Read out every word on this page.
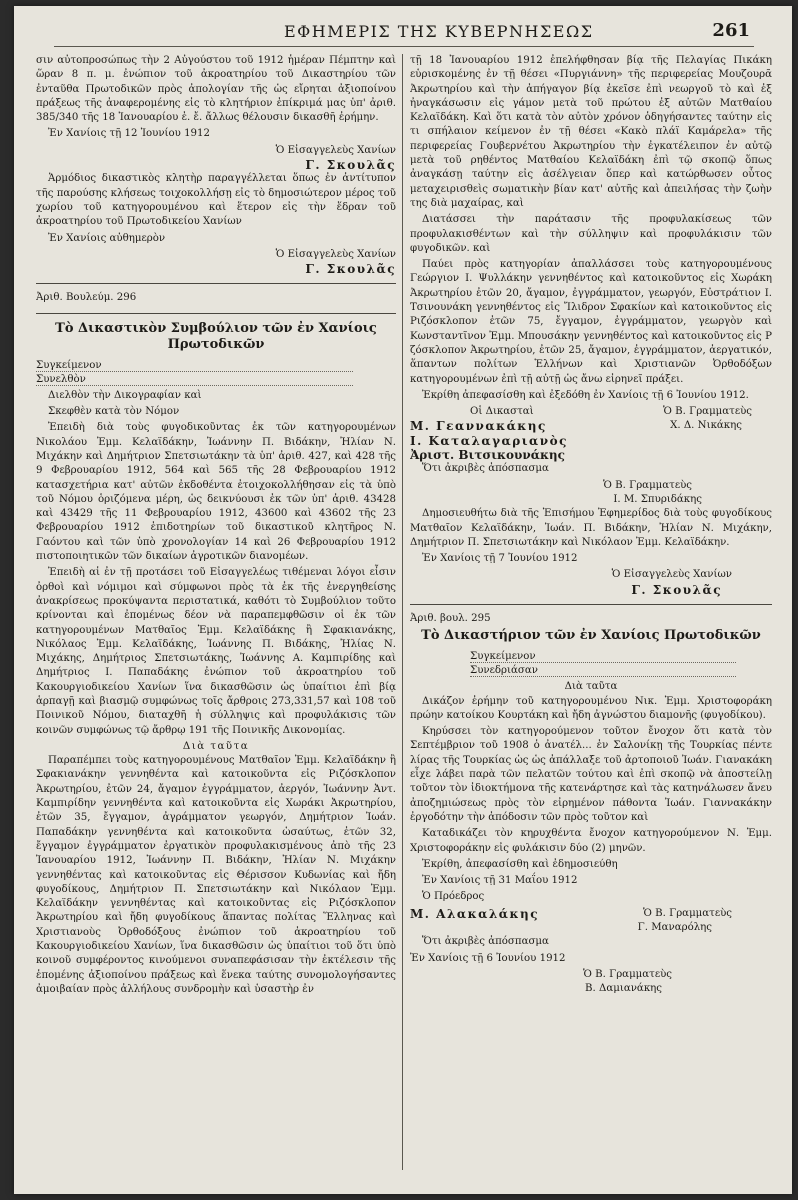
ΕΦΗΜΕΡΙΣ ΤΗΣ ΚΥΒΕΡΝΗΣΕΩΣ	261

σιν αὐτοπροσώπως τὴν 2 Αὐγούστου τοῦ 1912 ἡμέραν Πέμπτην καὶ ὥραν 8 π. μ. ἐνώπιον τοῦ ἀκροατηρίου τοῦ Δικαστηρίου τῶν ἐνταῦθα Πρωτοδικῶν πρὸς ἀπολογίαν τῆς ὡς εἴρηται ἀξιοποίνου πράξεως τῆς ἀναφερομένης εἰς τὸ κλητήριον ἐπίκριμά μας ὑπ' ἀριθ. 385/340 τῆς 18 Ἰανουαρίου ἐ. ἔ. ἄλλως θέλουσιν δικασθῆ ἐρήμην.

Ἐν Χανίοις τῇ 12 Ἰουνίου 1912

Ὁ Εἰσαγγελεὺς Χανίων
Γ. Σκουλᾶς

Ἁρμόδιος δικαστικὸς κλητὴρ παραγγέλλεται ὅπως ἐν ἀντίτυπον τῆς παρούσης κλήσεως τοιχοκολλήσῃ εἰς τὸ δημοσιώτερον μέρος τοῦ χωρίου τοῦ κατηγορουμένου καὶ ἕτερον εἰς τὴν ἕδραν τοῦ ἀκροατηρίου τοῦ Πρωτοδικείου Χανίων

Ἐν Χανίοις αὐθημερὸν

Ὁ Εἰσαγγελεὺς Χανίων
Γ. Σκουλᾶς

Ἀριθ. Βουλεύμ. 296

Τὸ Δικαστικὸν Συμβούλιον τῶν ἐν Χανίοις Πρωτοδικῶν
Συγκείμενον
Συνελθὸν

Διελθὸν τὴν Δικογραφίαν καὶ

Σκεφθὲν κατὰ τὸν Νόμον

Ἐπειδὴ διὰ τοὺς φυγοδικοῦντας ἐκ τῶν κατηγορουμένων Νικολάου Ἐμμ. Κελαϊδάκην, Ἰωάννην Π. Βιδάκην, Ἠλίαν Ν. Μιχάκην καὶ Δημήτριον Σπετσιωτάκην τὰ ὑπ' ἀριθ. 427, καὶ 428 τῆς 9 Φεβρουαρίου 1912, 564 καὶ 565 τῆς 28 Φεβρουαρίου 1912 κατασχετήρια κατ' αὐτῶν ἐκδοθέντα ἐτοιχοκολλήθησαν εἰς τὰ ὑπὸ τοῦ Νόμου ὁριζόμενα μέρη, ὡς δεικνύουσι ἐκ τῶν ὑπ' ἀριθ. 43428 καὶ 43429 τῆς 11 Φεβρουαρίου 1912, 43600 καὶ 43602 τῆς 23 Φεβρουαρίου 1912 ἐπιδοτηρίων τοῦ δικαστικοῦ κλητῆρος Ν. Γαόντου καὶ τῶν ὑπὸ χρονολογίαν 14 καὶ 26 Φεβρουαρίου 1912 πιστοποιητικῶν τῶν δικαίων ἀγροτικῶν διανομέων.

Ἐπειδὴ αἱ ἐν τῇ προτάσει τοῦ Εἰσαγγελέως τιθέμεναι λόγοι εἶσιν ὀρθοὶ καὶ νόμιμοι καὶ σύμφωνοι πρὸς τὰ ἐκ τῆς ἐνεργηθείσης ἀνακρίσεως προκύψαντα περιστατικά, καθότι τὸ Συμβούλιον τοῦτο κρίνονται καὶ ἐπομένως δέον νὰ παραπεμφθῶσιν οἱ ἐκ τῶν κατηγορουμένων Ματθαῖος Ἐμμ. Κελαϊδάκης ἢ Σφακιανάκης, Νικόλαος Ἐμμ. Κελαϊδάκης, Ἰωάννης Π. Βιδάκης, Ἠλίας Ν. Μιχάκης, Δημήτριος Σπετσιωτάκης, Ἰωάννης Α. Καμπιρίδης καὶ Δημήτριος Ι. Παπαδάκης ἐνώπιον τοῦ ἀκροατηρίου τοῦ Κακουργιοδικείου Χανίων ἵνα δικασθῶσιν ὡς ὑπαίτιοι ἐπὶ βίᾳ ἁρπαγῇ καὶ βιασμῷ συμφώνως τοῖς ἄρθροις 273,331,57 καὶ 108 τοῦ Ποινικοῦ Νόμου, διαταχθῆ ἡ σύλληψις καὶ προφυλάκισις τῶν κοινῶν συμφώνως τῷ ἄρθρῳ 191 τῆς Ποινικῆς Δικονομίας.

Διὰ ταῦτα

Παραπέμπει τοὺς κατηγορουμένους Ματθαῖον Ἐμμ. Κελαϊδάκην ἢ Σφακιανάκην γεννηθέντα καὶ κατοικοῦντα εἰς Ριζόσκλοπον Ἀκρωτηρίου, ἐτῶν 24, ἄγαμον ἐγγράμματον, ἀεργόν, Ἰωάννην Ἀντ. Καμπιρίδην γεννηθέντα καὶ κατοικοῦντα εἰς Χωράκι Ἀκρωτηρίου, ἐτῶν 35, ἔγγαμον, ἀγράμματον γεωργόν, Δημήτριον Ἰωάν. Παπαδάκην γεννηθέντα καὶ κατοικοῦντα ὡσαύτως, ἐτῶν 32, ἔγγαμον ἐγγράμματον ἐργατικὸν προφυλακισμένους ἀπὸ τῆς 23 Ἰανουαρίου 1912, Ἰωάννην Π. Βιδάκην, Ἠλίαν Ν. Μιχάκην γεννηθέντας καὶ κατοικοῦντας εἰς Θέρισσον Κυδωνίας καὶ ἤδη φυγοδίκους, Δημήτριον Π. Σπετσιωτάκην καὶ Νικόλαον Ἐμμ. Κελαϊδάκην γεννηθέντας καὶ κατοικοῦντας εἰς Ριζόσκλοπον Ἀκρωτηρίου καὶ ἤδη φυγοδίκους ἅπαντας πολίτας Ἕλληνας καὶ Χριστιανοὺς Ὀρθοδόξους ἐνώπιον τοῦ ἀκροατηρίου τοῦ Κακουργιοδικείου Χανίων, ἵνα δικασθῶσιν ὡς ὑπαίτιοι τοῦ ὅτι ὑπὸ κοινοῦ συμφέροντος κινούμενοι συναπεφάσισαν τὴν ἐκτέλεσιν τῆς ἑπομένης ἀξιοποίνου πράξεως καὶ ἕνεκα ταύτης συνομολογήσαντες ἀμοιβαίαν πρὸς ἀλλήλους συνδρομὴν καὶ ὑσαστὴρ ἐν

τῇ 18 Ἰανουαρίου 1912 ἐπελήφθησαν βίᾳ τῆς Πελαγίας Πικάκη εὑρισκομένης ἐν τῇ θέσει «Πυργιάννη» τῆς περιφερείας Μουζουρᾶ Ἀκρωτηρίου καὶ τὴν ἀπήγαγον βίᾳ ἐκεῖσε ἐπὶ νεωργοῦ τὸ καὶ ἐξ ἠναγκάσωσιν εἰς γάμον μετὰ τοῦ πρώτου ἐξ αὐτῶν Ματθαίου Κελαϊδάκη. Καὶ ὅτι κατὰ τὸν αὐτὸν χρόνον ὁδηγήσαντες ταύτην εἰς τι σπήλαιον κείμενον ἐν τῇ θέσει «Κακὸ πλάϊ Καμάρελα» τῆς περιφερείας Γουβερνέτου Ἀκρωτηρίου τὴν ἐγκατέλειπον ἐν αὐτῷ μετὰ τοῦ ρηθέντος Ματθαίου Κελαϊδάκη ἐπὶ τῷ σκοπῷ ὅπως ἀναγκάσῃ ταύτην εἰς ἀσέλγειαν ὅπερ καὶ κατώρθωσεν οὗτος μεταχειρισθεὶς σωματικὴν βίαν κατ' αὐτῆς καὶ ἀπειλήσας τὴν ζωὴν της διὰ μαχαίρας, καὶ

Διατάσσει τὴν παράτασιν τῆς προφυλακίσεως τῶν προφυλακισθέντων καὶ τὴν σύλληψιν καὶ προφυλάκισιν τῶν φυγοδικῶν. καὶ

Παύει πρὸς κατηγορίαν ἀπαλλάσσει τοὺς κατηγορουμένους Γεώργιον Ι. Ψυλλάκην γεννηθέντος καὶ κατοικοῦντος εἰς Χωράκη Ἀκρωτηρίου ἐτῶν 20, ἄγαμον, ἐγγράμματον, γεωργόν, Εὐστράτιον Ι. Τσινουνάκη γεννηθέντος εἰς Ἴλιδρον Σφακίων καὶ κατοικοῦντος εἰς Ριζόσκλοπον ἐτῶν 75, ἔγγαμον, ἐγγράμματον, γεωργὸν καὶ Κωνσταντῖνον Ἐμμ. Μπουσάκην γεννηθέντος καὶ κατοικοῦντος εἰς Ρ ζόσκλοπον Ἀκρωτηρίου, ἐτῶν 25, ἄγαμον, ἐγγράμματον, ἀεργατικόν, ἅπαντων πολίτων Ἑλλήνων καὶ Χριστιανῶν Ὀρθοδόξων κατηγορουμένων ἐπὶ τῇ αὐτῇ ὡς ἄνω εἰρηνεῖ πράξει.

Ἐκρίθη ἀπεφασίσθη καὶ ἐξεδόθη ἐν Χανίοις τῇ 6 Ἰουνίου 1912.

Οἱ Δικασταὶ	Ὁ Β. Γραμματεὺς
Μ. Γεαννακάκης	Χ. Δ. Νικάκης
Ι. Καταλαγαριανὸς
Ἀριστ. Βιτσικουνάκης

Ὅτι ἀκριβὲς ἀπόσπασμα

Ὁ Β. Γραμματεὺς
Ι. Μ. Σπυριδάκης

Δημοσιευθήτω διὰ τῆς Ἐπισήμου Ἐφημερίδος διὰ τοὺς φυγοδίκους Ματθαῖον Κελαϊδάκην, Ἰωάν. Π. Βιδάκην, Ἠλίαν Ν. Μιχάκην, Δημήτριον Π. Σπετσιωτάκην καὶ Νικόλαον Ἐμμ. Κελαϊδάκην.

Ἐν Χανίοις τῇ 7 Ἰουνίου 1912

Ὁ Εἰσαγγελεὺς Χανίων
Γ. Σκουλᾶς

Ἀριθ. βουλ. 295

Τὸ Δικαστήριον τῶν ἐν Χανίοις Πρωτοδικῶν
Συγκείμενον
Συνεδριάσαν
Διὰ ταῦτα

Δικάζον ἐρήμην τοῦ κατηγορουμένου Νικ. Ἐμμ. Χριστοφοράκη πρώην κατοίκου Κουρτάκη καὶ ἤδη ἀγνώστου διαμονῆς (φυγοδίκου).

Κηρύσσει τὸν κατηγορούμενον τοῦτον ἔνοχον ὅτι κατὰ τὸν Σεπτέμβριον τοῦ 1908 ὁ ἀνατέλ... ἐν Σαλονίκῃ τῆς Τουρκίας πέντε λίρας τῆς Τουρκίας ὡς ὡς ἀπάλλαξε τοῦ ἀρτοποιοῦ Ἰωάν. Γιανακάκη εἶχε λάβει παρὰ τῶν πελατῶν τούτου καὶ ἐπὶ σκοπῷ νὰ ἀποστείλῃ τοῦτον τὸν ἰδιοκτήμονα τῆς κατενάρτησε καὶ τὰς κατηνάλωσεν ἄνευ ἀποζημιώσεως πρὸς τὸν εἰρημένον πάθοντα Ἰωάν. Γιαννακάκην ἐργοδότην τὴν ἀπόδοσιν τῶν πρὸς τοῦτον καὶ

Καταδικάζει τὸν κηρυχθέντα ἔνοχον κατηγορούμενον Ν. Ἐμμ. Χριστοφοράκην εἰς φυλάκισιν δύο (2) μηνῶν.

Ἐκρίθη, ἀπεφασίσθη καὶ ἐδημοσιεύθη

Ἐν Χανίοις τῇ 31 Μαΐου 1912

Ὁ Πρόεδρος

Μ. Αλακαλάκης	Ὁ Β. Γραμματεὺς
Γ. Μαναρόλης

Ὅτι ἀκριβὲς ἀπόσπασμα

Ἐν Χανίοις τῇ 6 Ἰουνίου 1912

Ὁ Β. Γραμματεὺς
Β. Δαμιανάκης
